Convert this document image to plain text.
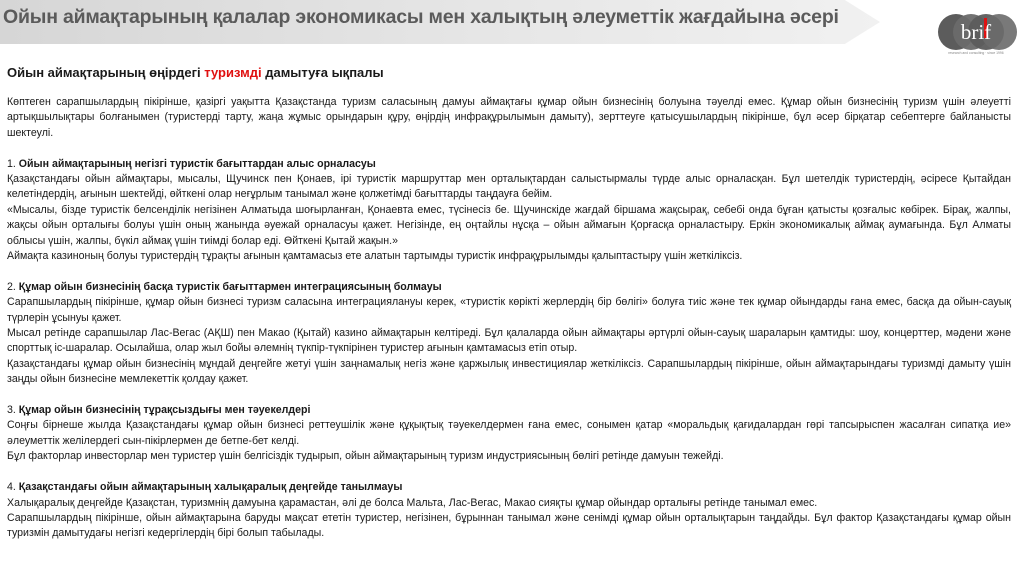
Ойын аймақтарының қалалар экономикасы мен халықтың әлеуметтік жағдайына әсері
brif
research and consulting · since 1996

Ойын аймақтарының өңірдегі туризмді дамытуға ықпалы

Көптеген сарапшылардың пікірінше, қазіргі уақытта Қазақстанда туризм саласының дамуы аймақтағы құмар ойын бизнесінің болуына тәуелді емес. Құмар ойын бизнесінің туризм үшін әлеуетті артықшылықтары болғанымен (туристерді тарту, жаңа жұмыс орындарын құру, өңірдің инфрақұрылымын дамыту), зерттеуге қатысушылардың пікірінше, бұл әсер бірқатар себептерге байланысты шектеулі.

1. Ойын аймақтарының негізгі туристік бағыттардан алыс орналасуы

Қазақстандағы ойын аймақтары, мысалы, Щучинск пен Қонаев, ірі туристік маршруттар мен орталықтардан салыстырмалы түрде алыс орналасқан. Бұл шетелдік туристердің, әсіресе Қытайдан келетіндердің, ағынын шектейді, өйткені олар неғұрлым танымал және қолжетімді бағыттарды таңдауға бейім.

«Мысалы, бізде туристік белсенділік негізінен Алматыда шоғырланған, Қонаевта емес, түсінесіз бе. Щучинскіде жағдай біршама жақсырақ, себебі онда бұған қатысты қозғалыс көбірек. Бірақ, жалпы, жақсы ойын орталығы болуы үшін оның жанында әуежай орналасуы қажет. Негізінде, ең оңтайлы нұсқа – ойын аймағын Қорғасқа орналастыру. Еркін экономикалық аймақ аумағында. Бұл Алматы облысы үшін, жалпы, бүкіл аймақ үшін тиімді болар еді. Өйткені Қытай жақын.»

Аймақта казиноның болуы туристердің тұрақты ағынын қамтамасыз ете алатын тартымды туристік инфрақұрылымды қалыптастыру үшін жеткіліксіз.

2. Құмар ойын бизнесінің басқа туристік бағыттармен интеграциясының болмауы

Сарапшылардың пікірінше, құмар ойын бизнесі туризм саласына интеграциялануы керек, «туристік көрікті жерлердің бір бөлігі» болуға тиіс және тек құмар ойындарды ғана емес, басқа да ойын-сауық түрлерін ұсынуы қажет.

Мысал ретінде сарапшылар Лас-Вегас (АҚШ) пен Макао (Қытай) казино аймақтарын келтіреді. Бұл қалаларда ойын аймақтары әртүрлі ойын-сауық шараларын қамтиды: шоу, концерттер, мәдени және спорттық іс-шаралар. Осылайша, олар жыл бойы әлемнің түкпір-түкпірінен туристер ағынын қамтамасыз етіп отыр.

Қазақстандағы құмар ойын бизнесінің мұндай деңгейге жетуі үшін заңнамалық негіз және қаржылық инвестициялар жеткіліксіз. Сарапшылардың пікірінше, ойын аймақтарындағы туризмді дамыту үшін заңды ойын бизнесіне мемлекеттік қолдау қажет.

3. Құмар ойын бизнесінің тұрақсыздығы мен тәуекелдері

Соңғы бірнеше жылда Қазақстандағы құмар ойын бизнесі реттеушілік және құқықтық тәуекелдермен ғана емес, сонымен қатар «моральдық қағидалардан гөрі тапсырыспен жасалған сипатқа ие» әлеуметтік желілердегі сын-пікірлермен де бетпе-бет келді.

Бұл факторлар инвесторлар мен туристер үшін белгісіздік тудырып, ойын аймақтарының туризм индустриясының бөлігі ретінде дамуын тежейді.

4. Қазақстандағы ойын аймақтарының халықаралық деңгейде танылмауы

Халықаралық деңгейде Қазақстан, туризмнің дамуына қарамастан, әлі де болса Мальта, Лас-Вегас, Макао сияқты құмар ойындар орталығы ретінде танымал емес.

Сарапшылардың пікірінше, ойын аймақтарына баруды мақсат ететін туристер, негізінен, бұрыннан танымал және сенімді құмар ойын орталықтарын таңдайды. Бұл фактор Қазақстандағы құмар ойын туризмін дамытудағы негізгі кедергілердің бірі болып табылады.
